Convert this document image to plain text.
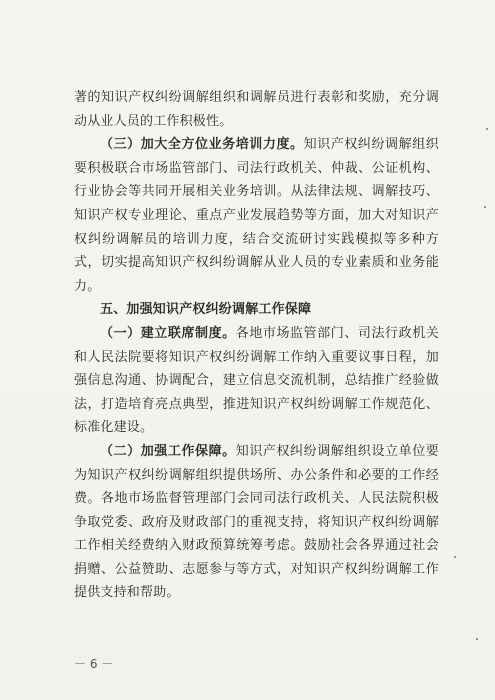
著的知识产权纠纷调解组织和调解员进行表彰和奖励，充分调动从业人员的工作积极性。

（三）加大全方位业务培训力度。知识产权纠纷调解组织要积极联合市场监管部门、司法行政机关、仲裁、公证机构、行业协会等共同开展相关业务培训。从法律法规、调解技巧、知识产权专业理论、重点产业发展趋势等方面，加大对知识产权纠纷调解员的培训力度，结合交流研讨实践模拟等多种方式，切实提高知识产权纠纷调解从业人员的专业素质和业务能力。

五、加强知识产权纠纷调解工作保障

（一）建立联席制度。各地市场监管部门、司法行政机关和人民法院要将知识产权纠纷调解工作纳入重要议事日程，加强信息沟通、协调配合，建立信息交流机制，总结推广经验做法，打造培育亮点典型，推进知识产权纠纷调解工作规范化、标准化建设。

（二）加强工作保障。知识产权纠纷调解组织设立单位要为知识产权纠纷调解组织提供场所、办公条件和必要的工作经费。各地市场监督管理部门会同司法行政机关、人民法院积极争取党委、政府及财政部门的重视支持，将知识产权纠纷调解工作相关经费纳入财政预算统筹考虑。鼓励社会各界通过社会捐赠、公益赞助、志愿参与等方式，对知识产权纠纷调解工作提供支持和帮助。

－ 6 －
